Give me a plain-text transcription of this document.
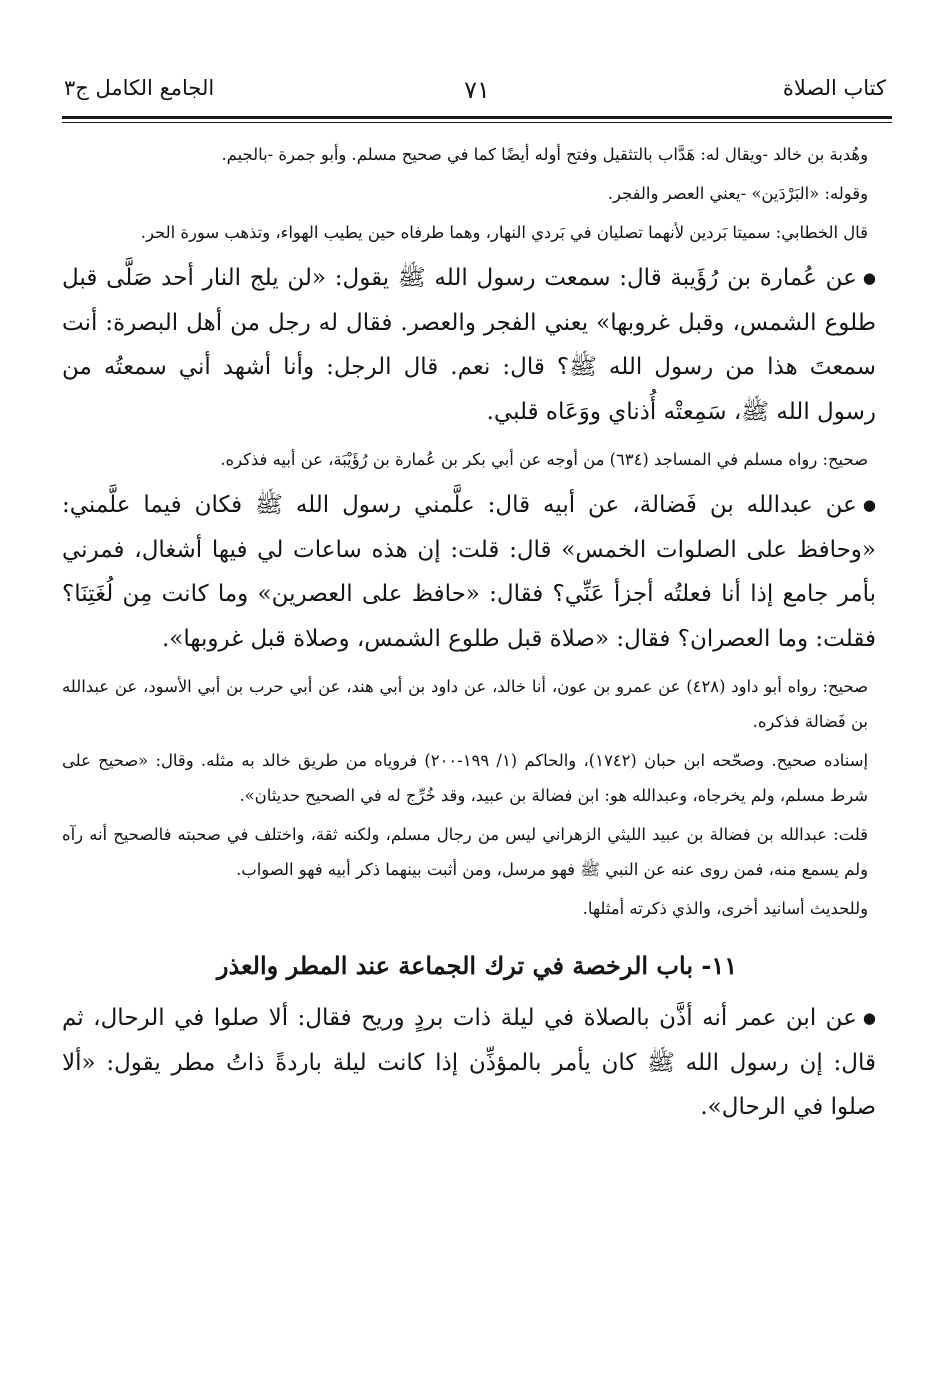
كتاب الصلاة
٧١
الجامع الكامل ج٣

وهُدبة بن خالد -ويقال له: هَدَّاب بالتثقيل وفتح أوله أيضًا كما في صحيح مسلم. وأبو جمرة -بالجيم.

وقوله: «البَرْدَين» -يعني العصر والفجر.

قال الخطابي: سميتا بَردين لأنهما تصليان في بَردي النهار، وهما طرفاه حين يطيب الهواء، وتذهب سورة الحر.

●عن عُمارة بن رُؤَيبة قال: سمعت رسول الله ﷺ يقول: «لن يلج النار أحد صَلَّى قبل طلوع الشمس، وقبل غروبها» يعني الفجر والعصر. فقال له رجل من أهل البصرة: أنت سمعتَ هذا من رسول الله ﷺ؟ قال: نعم. قال الرجل: وأنا أشهد أني سمعتُه من رسول الله ﷺ، سَمِعتْه أُذناي ووَعَاه قلبي.

صحيح: رواه مسلم في المساجد (٦٣٤) من أوجه عن أبي بكر بن عُمارة بن رُؤَيْبَة، عن أبيه فذكره.

●عن عبدالله بن فَضالة، عن أبيه قال: علَّمني رسول الله ﷺ فكان فيما علَّمني: «وحافظ على الصلوات الخمس» قال: قلت: إن هذه ساعات لي فيها أشغال، فمرني بأمر جامع إذا أنا فعلتُه أجزأ عَنِّي؟ فقال: «حافظ على العصرين» وما كانت مِن لُغَتِنَا؟ فقلت: وما العصران؟ فقال: «صلاة قبل طلوع الشمس، وصلاة قبل غروبها».

صحيح: رواه أبو داود (٤٢٨) عن عمرو بن عون، أنا خالد، عن داود بن أبي هند، عن أبي حرب بن أبي الأسود، عن عبدالله بن فَضالة فذكره.

إسناده صحيح. وصحّحه ابن حبان (١٧٤٢)، والحاكم (١/ ١٩٩-٢٠٠) فروياه من طريق خالد به مثله. وقال: «صحيح على شرط مسلم، ولم يخرجاه، وعبدالله هو: ابن فضالة بن عبيد، وقد خُرِّج له في الصحيح حديثان».

قلت: عبدالله بن فضالة بن عبيد الليثي الزهراني ليس من رجال مسلم، ولكنه ثقة، واختلف في صحبته فالصحيح أنه رآه ولم يسمع منه، فمن روى عنه عن النبي ﷺ فهو مرسل، ومن أثبت بينهما ذكر أبيه فهو الصواب.

وللحديث أسانيد أخرى، والذي ذكرته أمثلها.

١١- باب الرخصة في ترك الجماعة عند المطر والعذر

●عن ابن عمر أنه أذَّن بالصلاة في ليلة ذات بردٍ وريح فقال: ألا صلوا في الرحال، ثم قال: إن رسول الله ﷺ كان يأمر بالمؤذِّن إذا كانت ليلة باردةً ذاتُ مطر يقول: «ألا صلوا في الرحال».
